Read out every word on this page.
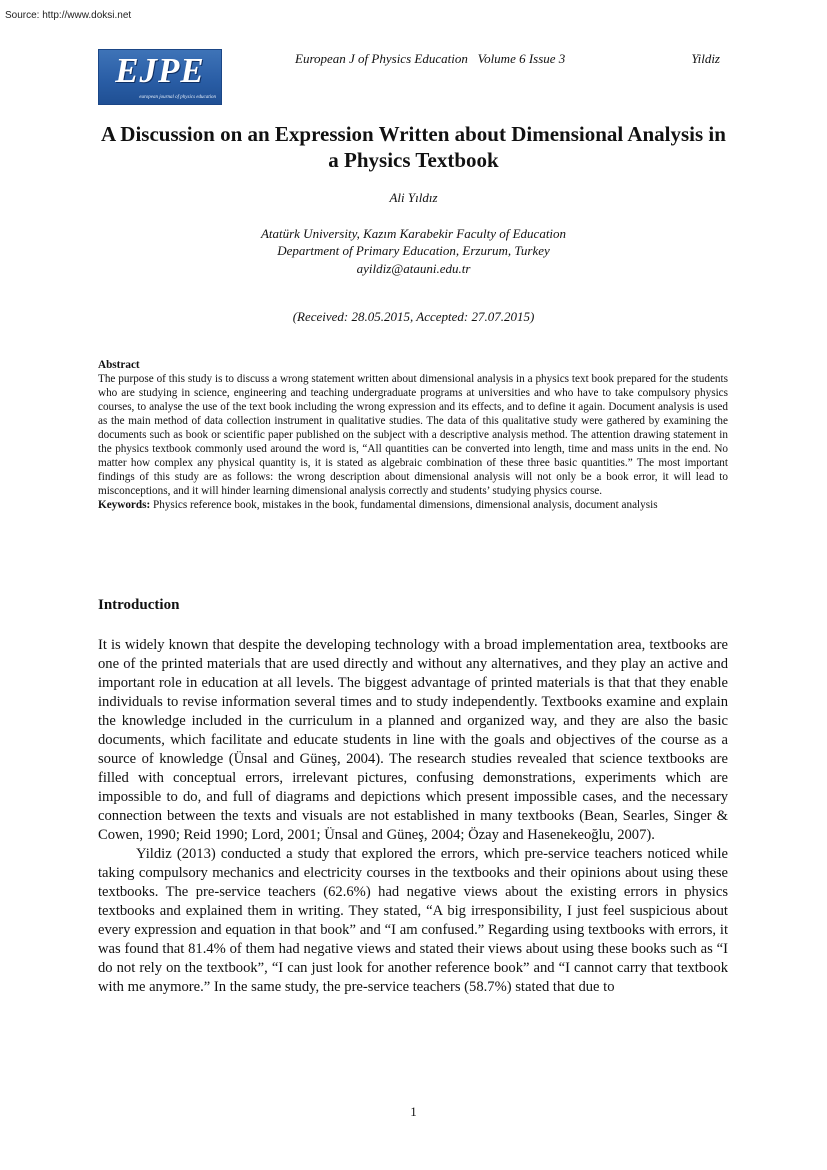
Source: http://www.doksi.net
EJPE
european journal of physics education
European J of Physics Education   Volume 6 Issue 3	Yildiz
A Discussion on an Expression Written about Dimensional Analysis in a Physics Textbook
Ali Yıldız
Atatürk University, Kazım Karabekir Faculty of Education
Department of Primary Education, Erzurum, Turkey
ayildiz@atauni.edu.tr
(Received: 28.05.2015, Accepted: 27.07.2015)
Abstract
The purpose of this study is to discuss a wrong statement written about dimensional analysis in a physics text book prepared for the students who are studying in science, engineering and teaching undergraduate programs at universities and who have to take compulsory physics courses, to analyse the use of the text book including the wrong expression and its effects, and to define it again. Document analysis is used as the main method of data collection instrument in qualitative studies. The data of this qualitative study were gathered by examining the documents such as book or scientific paper published on the subject with a descriptive analysis method. The attention drawing statement in the physics textbook commonly used around the word is, “All quantities can be converted into length, time and mass units in the end. No matter how complex any physical quantity is, it is stated as algebraic combination of these three basic quantities.” The most important findings of this study are as follows: the wrong description about dimensional analysis will not only be a book error, it will lead to misconceptions, and it will hinder learning dimensional analysis correctly and students’ studying physics course.
Keywords: Physics reference book, mistakes in the book, fundamental dimensions, dimensional analysis, document analysis
Introduction

It is widely known that despite the developing technology with a broad implementation area, textbooks are one of the printed materials that are used directly and without any alternatives, and they play an active and important role in education at all levels. The biggest advantage of printed materials is that that they enable individuals to revise information several times and to study independently. Textbooks examine and explain the knowledge included in the curriculum in a planned and organized way, and they are also the basic documents, which facilitate and educate students in line with the goals and objectives of the course as a source of knowledge (Ünsal and Güneş, 2004). The research studies revealed that science textbooks are filled with conceptual errors, irrelevant pictures, confusing demonstrations, experiments which are impossible to do, and full of diagrams and depictions which present impossible cases, and the necessary connection between the texts and visuals are not established in many textbooks (Bean, Searles, Singer & Cowen, 1990; Reid 1990; Lord, 2001; Ünsal and Güneş, 2004; Özay and Hasenekeoğlu, 2007).

Yildiz (2013) conducted a study that explored the errors, which pre-service teachers noticed while taking compulsory mechanics and electricity courses in the textbooks and their opinions about using these textbooks. The pre-service teachers (62.6%) had negative views about the existing errors in physics textbooks and explained them in writing. They stated, “A big irresponsibility, I just feel suspicious about every expression and equation in that book” and “I am confused.” Regarding using textbooks with errors, it was found that 81.4% of them had negative views and stated their views about using these books such as “I do not rely on the textbook”, “I can just look for another reference book” and “I cannot carry that textbook with me anymore.” In the same study, the pre-service teachers (58.7%) stated that due to

1
